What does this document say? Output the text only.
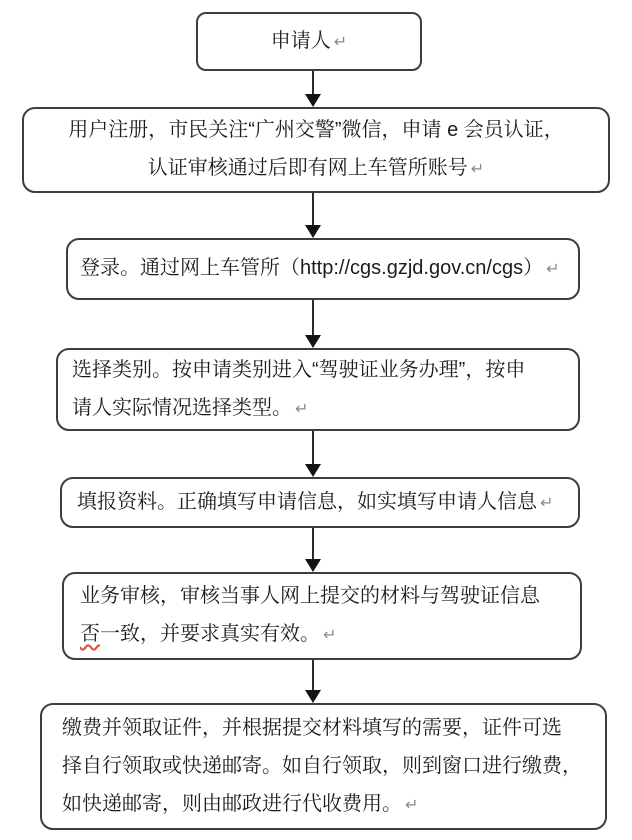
申请人 ↵
用户注册，市民关注“广州交警”微信，申请 e 会员认证，
认证审核通过后即有网上车管所账号 ↵
登录。通过网上车管所（http://cgs.gzjd.gov.cn/cgs） ↵
选择类别。按申请类别进入“驾驶证业务办理”，按申
请人实际情况选择类型。 ↵
填报资料。正确填写申请信息，如实填写申请人信息 ↵
业务审核，审核当事人网上提交的材料与驾驶证信息
否一致，并要求真实有效。 ↵
缴费并领取证件，并根据提交材料填写的需要，证件可选
择自行领取或快递邮寄。如自行领取，则到窗口进行缴费，
如快递邮寄，则由邮政进行代收费用。 ↵
